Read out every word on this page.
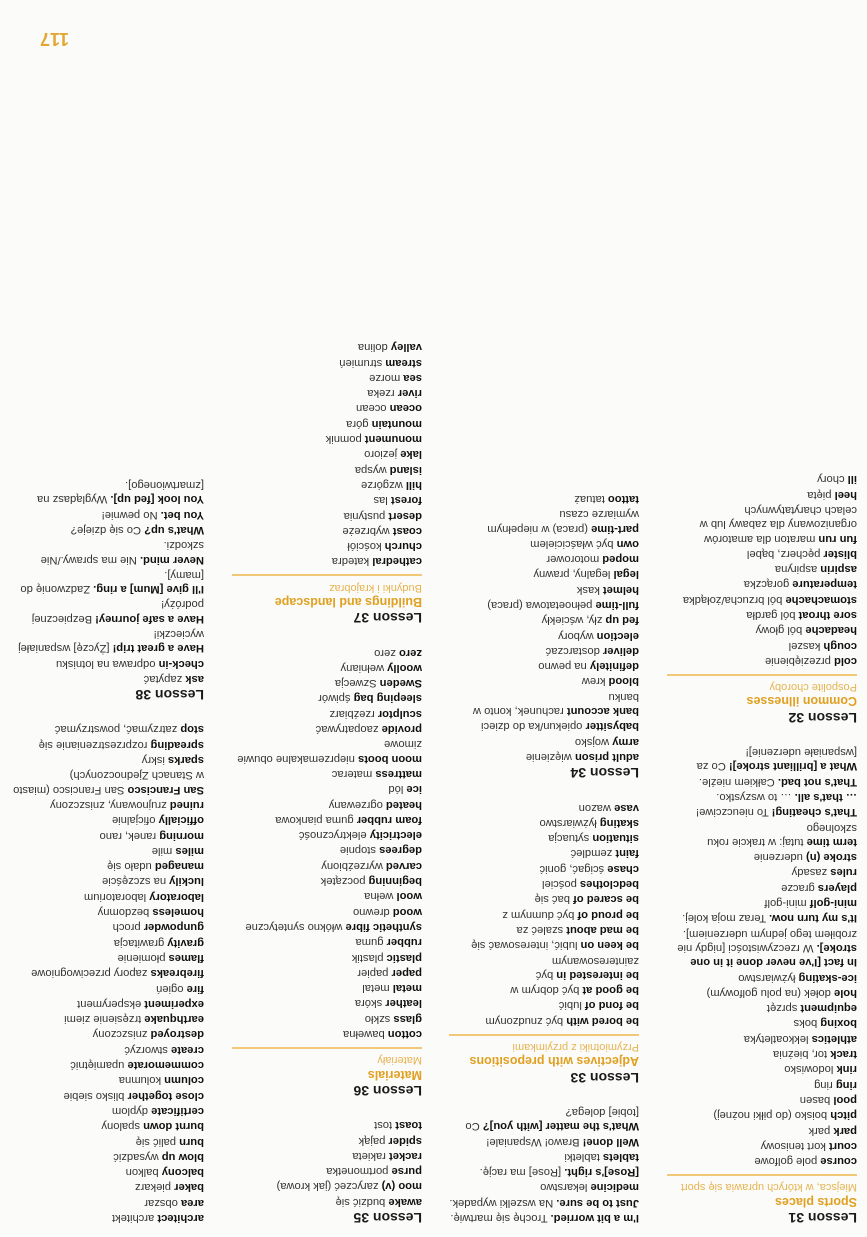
Lesson 31
Sports places
Miejsca, w których uprawia się sport
course pole golfowe
court kort tenisowy
park park
pitch boisko (do piłki nożnej)
pool basen
ring ring
rink lodowisko
track tor, bieżnia
athletics lekkoatletyka
boxing boks
equipment sprzęt
hole dołek (na polu golfowym)
ice-skating łyżwiarstwo
In fact [I've never done it in one stroke]. W rzeczywistości [nigdy nie zrobiłem tego jednym uderzeniem].
It's my turn now. Teraz moja kolej.
mini-golf mini-golf
players gracze
rules zasady
stroke (n) uderzenie
term time tutaj: w trakcie roku szkolnego
That's cheating! To nieuczciwe!
… that's all. … to wszystko.
That's not bad. Całkiem nieźle.
What a [brilliant stroke]! Co za [wspaniałe uderzenie]!
Lesson 32
Common illnesses
Pospolite choroby
cold przeziębienie
cough kaszel
headache ból głowy
sore throat ból gardła
stomachache ból brzucha/żołądka
temperature gorączka
aspirin aspiryna
blister pęcherz, bąbel
fun run maraton dla amatorów organizowany dla zabawy lub w celach charytatywnych
heel pięta
ill chory
I'm a bit worried. Trochę się martwię.
Just to be sure. Na wszelki wypadek.
medicine lekarstwo
[Rose]'s right. [Rose] ma rację.
tablets tabletki
Well done! Brawo! Wspaniale!
What's the matter [with you]? Co [tobie] dolega?
Lesson 33
Adjectives with prepositions
Przymiotniki z przyimkami
be bored with być znudzonym
be fond of lubić
be good at być dobrym w
be interested in być zainteresowanym
be keen on lubić, interesować się
be mad about szaleć za
be proud of być dumnym z
be scared of bać się
bedclothes pościel
chase ścigać, gonić
faint zemdleć
situation sytuacja
skating łyżwiarstwo
vase wazon
Lesson 34
adult prison więzienie
army wojsko
babysitter opiekun/ka do dzieci
bank account rachunek, konto w banku
blood krew
definitely na pewno
deliver dostarczać
election wybory
fed up zły, wściekły
full-time pełnoetatowa (praca)
helmet kask
legal legalny, prawny
moped motorower
own być właścicielem
part-time (praca) w niepełnym wymiarze czasu
tattoo tatuaż
Lesson 35
awake budzić się
moo (v) zaryczeć (jak krowa)
purse portmonetka
racket rakieta
spider pająk
toast tost
Lesson 36
Materials
Materiały
cotton bawełna
glass szkło
leather skóra
metal metal
paper papier
plastic plastik
rubber guma
synthetic fibre włókno syntetyczne
wood drewno
wool wełna
beginning początek
carved wyrzeźbiony
degrees stopnie
electricity elektryczność
foam rubber guma piankowa
heated ogrzewany
ice lód
mattress materac
moon boots nieprzemakalne obuwie zimowe
provide zaopatrywać
sculptor rzeźbiarz
sleeping bag śpiwór
Sweden Szwecja
woolly wełniany
zero zero
Lesson 37
Buildings and landscape
Budynki i krajobraz
cathedral katedra
church kościół
coast wybrzeże
desert pustynia
forest las
hill wzgórze
island wyspa
lake jezioro
monument pomnik
mountain góra
ocean ocean
river rzeka
sea morze
stream strumień
valley dolina
architect architekt
area obszar
baker piekarz
balcony balkon
blow up wysadzić
burn palić się
burnt down spalony
certificate dyplom
close together blisko siebie
column kolumna
commemorate upamiętnić
create stworzyć
destroyed zniszczony
earthquake trzęsienie ziemi
experiment eksperyment
fire ogień
firebreaks zapory przeciwogniowe
flames płomienie
gravity grawitacja
gunpowder proch
homeless bezdomny
laboratory laboratorium
luckily na szczęście
managed udało się
miles mile
morning ranek, rano
officially oficjalnie
ruined zrujnowany, zniszczony
San Francisco San Francisco (miasto w Stanach Zjednoczonych)
sparks iskry
spreading rozprzestrzenianie się
stop zatrzymać, powstrzymać
Lesson 38
ask zapytać
check-in odprawa na lotnisku
Have a great trip! [Życzę] wspaniałej wycieczki!
Have a safe journey! Bezpiecznej podróży!
I'll give [Mum] a ring. Zadzwonię do [mamy].
Never mind. Nie ma sprawy./Nie szkodzi.
What's up? Co się dzieje?
You bet. No pewnie!
You look [fed up]. Wyglądasz na [zmartwionego].
117
